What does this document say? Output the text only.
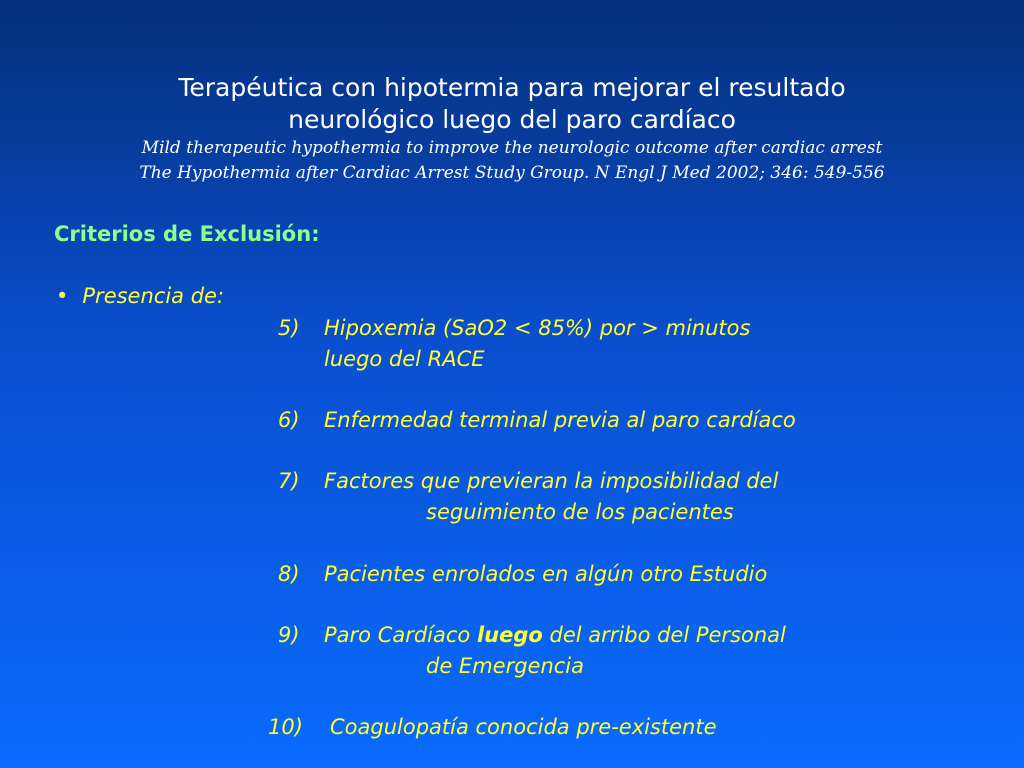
Terapéutica con hipotermia para mejorar el resultado
neurológico luego del paro cardíaco
Mild therapeutic hypothermia to improve the neurologic outcome after cardiac arrest
The Hypothermia after Cardiac Arrest Study Group. N Engl J Med 2002; 346: 549-556
Criterios de Exclusión:
• Presencia de:
5) Hipoxemia (SaO2 < 85%) por > minutos
luego del RACE
6) Enfermedad terminal previa al paro cardíaco
7) Factores que previeran la imposibilidad del
seguimiento de los pacientes
8) Pacientes enrolados en algún otro Estudio
9) Paro Cardíaco luego del arribo del Personal
de Emergencia
10) Coagulopatía conocida pre-existente
